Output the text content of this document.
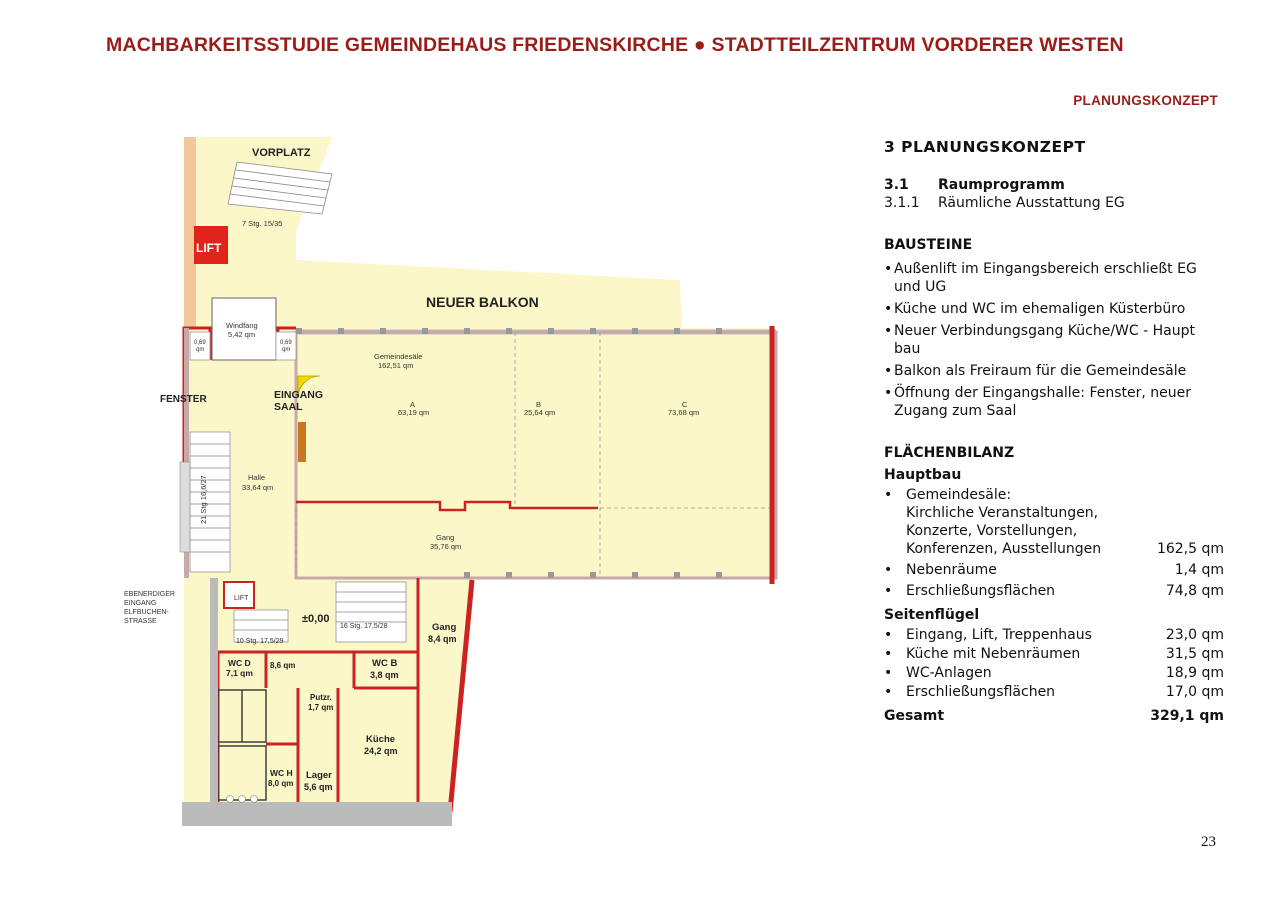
MACHBARKEITSSTUDIE GEMEINDEHAUS FRIEDENSKIRCHE ● STADTTEILZENTRUM VORDERER WESTEN
PLANUNGSKONZEPT
VORPLATZ
NEUER BALKON
LIFT
FENSTER	EINGANG
SAAL
±0,00
Gang
8,4 qm
WC D
7,1 qm
8,6 qm	WC B
3,8 qm
Putzr.
1,7 qm
Küche
24,2 qm
WC H
8,0 qm
Lager
5,6 qm
7 Stg. 15/35
Windfang
5,42 qm
0,69
qm
0,69
qm
Gemeindesäle
162,51 qm
A
63,19 qm
B
25,64 qm
C
73,68 qm
Halle
33,64 qm
21 Stg 16,6/27
Gang
35,76 qm
EBENERDIGER
EINGANG
ELFBUCHEN-
STRASSE
LIFT
10 Stg. 17,5/29
16 Stg. 17,5/28
3 PLANUNGSKONZEPT
3.1	Raumprogramm
3.1.1	Räumliche Ausstattung EG
BAUSTEINE
• Außenlift im Eingangsbereich erschließt EG und UG
• Küche und WC im ehemaligen Küsterbüro
• Neuer Verbindungsgang Küche/WC - Haupt bau
• Balkon als Freiraum für die Gemeindesäle
• Öffnung der Eingangshalle: Fenster, neuer Zugang zum Saal
FLÄCHENBILANZ
Hauptbau
• Gemeindesäle:
Kirchliche Veranstaltungen,
Konzerte, Vorstellungen,
Konferenzen, Ausstellungen	162,5 qm
• Nebenräume	1,4 qm
• Erschließungsflächen	74,8 qm
Seitenflügel
• Eingang, Lift, Treppenhaus	23,0 qm
• Küche mit Nebenräumen	31,5 qm
• WC-Anlagen	18,9 qm
• Erschließungsflächen	17,0 qm
Gesamt	329,1 qm
23
